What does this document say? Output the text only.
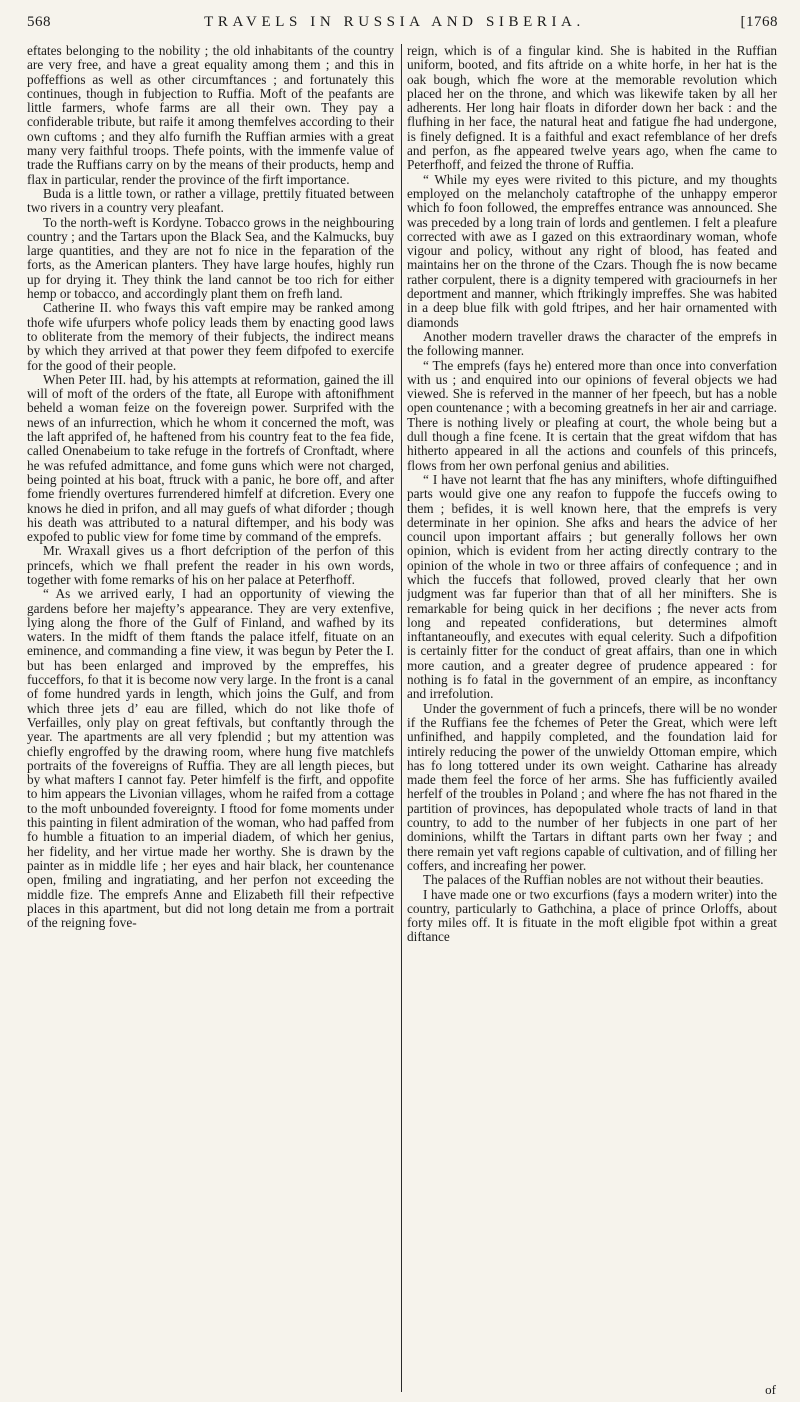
568	TRAVELS IN RUSSIA AND SIBERIA.	[1768

eftates belonging to the nobility ; the old inhabitants of the country are very free, and have a great equality among them ; and this in poffeffions as well as other circumftances ; and fortunately this continues, though in fubjection to Ruffia. Moft of the peafants are little farmers, whofe farms are all their own. They pay a confiderable tribute, but raife it among themfelves according to their own cuftoms ; and they alfo furnifh the Ruffian armies with a great many very faithful troops. Thefe points, with the immenfe value of trade the Ruffians carry on by the means of their products, hemp and flax in particular, render the province of the firft importance.

Buda is a little town, or rather a village, prettily fituated between two rivers in a country very pleafant.

To the north-weft is Kordyne. Tobacco grows in the neighbouring country ; and the Tartars upon the Black Sea, and the Kalmucks, buy large quantities, and they are not fo nice in the feparation of the forts, as the American planters. They have large houfes, highly run up for drying it. They think the land cannot be too rich for either hemp or tobacco, and accordingly plant them on frefh land.

Catherine II. who fways this vaft empire may be ranked among thofe wife ufurpers whofe policy leads them by enacting good laws to obliterate from the memory of their fubjects, the indirect means by which they arrived at that power they feem difpofed to exercife for the good of their people.

When Peter III. had, by his attempts at reformation, gained the ill will of moft of the orders of the ftate, all Europe with aftonifhment beheld a woman feize on the fovereign power. Surprifed with the news of an infurrection, which he whom it concerned the moft, was the laft apprifed of, he haftened from his country feat to the fea fide, called Onenabeium to take refuge in the fortrefs of Cronftadt, where he was refufed admittance, and fome guns which were not charged, being pointed at his boat, ftruck with a panic, he bore off, and after fome friendly overtures furrendered himfelf at difcretion. Every one knows he died in prifon, and all may guefs of what diforder ; though his death was attributed to a natural diftemper, and his body was expofed to public view for fome time by command of the emprefs.

Mr. Wraxall gives us a fhort defcription of the perfon of this princefs, which we fhall prefent the reader in his own words, together with fome remarks of his on her palace at Peterfhoff.

“ As we arrived early, I had an opportunity of viewing the gardens before her majefty’s appearance. They are very extenfive, lying along the fhore of the Gulf of Finland, and wafhed by its waters. In the midft of them ftands the palace itfelf, fituate on an eminence, and commanding a fine view, it was begun by Peter the I. but has been enlarged and improved by the empreffes, his fucceffors, fo that it is become now very large. In the front is a canal of fome hundred yards in length, which joins the Gulf, and from which three jets d’ eau are filled, which do not like thofe of Verfailles, only play on great feftivals, but conftantly through the year. The apartments are all very fplendid ; but my attention was chiefly engroffed by the drawing room, where hung five matchlefs portraits of the fovereigns of Ruffia. They are all length pieces, but by what mafters I cannot fay. Peter himfelf is the firft, and oppofite to him appears the Livonian villages, whom he raifed from a cottage to the moft unbounded fovereignty. I ftood for fome moments under this painting in filent admiration of the woman, who had paffed from fo humble a fituation to an imperial diadem, of which her genius, her fidelity, and her virtue made her worthy. She is drawn by the painter as in middle life ; her eyes and hair black, her countenance open, fmiling and ingratiating, and her perfon not exceeding the middle fize. The emprefs Anne and Elizabeth fill their refpective places in this apartment, but did not long detain me from a portrait of the reigning fove-

reign, which is of a fingular kind. She is habited in the Ruffian uniform, booted, and fits aftride on a white horfe, in her hat is the oak bough, which fhe wore at the memorable revolution which placed her on the throne, and which was likewife taken by all her adherents. Her long hair floats in diforder down her back : and the flufhing in her face, the natural heat and fatigue fhe had undergone, is finely defigned. It is a faithful and exact refemblance of her drefs and perfon, as fhe appeared twelve years ago, when fhe came to Peterfhoff, and feized the throne of Ruffia.

“ While my eyes were rivited to this picture, and my thoughts employed on the melancholy cataftrophe of the unhappy emperor which fo foon followed, the empreffes entrance was announced. She was preceded by a long train of lords and gentlemen. I felt a pleafure corrected with awe as I gazed on this extraordinary woman, whofe vigour and policy, without any right of blood, has feated and maintains her on the throne of the Czars. Though fhe is now became rather corpulent, there is a dignity tempered with graciournefs in her deportment and manner, which ftrikingly impreffes. She was habited in a deep blue filk with gold ftripes, and her hair ornamented with diamonds

Another modern traveller draws the character of the emprefs in the following manner.

“ The emprefs (fays he) entered more than once into converfation with us ; and enquired into our opinions of feveral objects we had viewed. She is referved in the manner of her fpeech, but has a noble open countenance ; with a becoming greatnefs in her air and carriage. There is nothing lively or pleafing at court, the whole being but a dull though a fine fcene. It is certain that the great wifdom that has hitherto appeared in all the actions and counfels of this princefs, flows from her own perfonal genius and abilities.

“ I have not learnt that fhe has any minifters, whofe diftinguifhed parts would give one any reafon to fuppofe the fuccefs owing to them ; befides, it is well known here, that the emprefs is very determinate in her opinion. She afks and hears the advice of her council upon important affairs ; but generally follows her own opinion, which is evident from her acting directly contrary to the opinion of the whole in two or three affairs of confequence ; and in which the fuccefs that followed, proved clearly that her own judgment was far fuperior than that of all her minifters. She is remarkable for being quick in her decifions ; fhe never acts from long and repeated confiderations, but determines almoft inftantaneoufly, and executes with equal celerity. Such a difpofition is certainly fitter for the conduct of great affairs, than one in which more caution, and a greater degree of prudence appeared : for nothing is fo fatal in the government of an empire, as inconftancy and irrefolution.

Under the government of fuch a princefs, there will be no wonder if the Ruffians fee the fchemes of Peter the Great, which were left unfinifhed, and happily completed, and the foundation laid for intirely reducing the power of the unwieldy Ottoman empire, which has fo long tottered under its own weight. Catharine has already made them feel the force of her arms. She has fufficiently availed herfelf of the troubles in Poland ; and where fhe has not fhared in the partition of provinces, has depopulated whole tracts of land in that country, to add to the number of her fubjects in one part of her dominions, whilft the Tartars in diftant parts own her fway ; and there remain yet vaft regions capable of cultivation, and of filling her coffers, and increafing her power.

The palaces of the Ruffian nobles are not without their beauties.

I have made one or two excurfions (fays a modern writer) into the country, particularly to Gathchina, a place of prince Orloffs, about forty miles off. It is fituate in the moft eligible fpot within a great diftance

of
